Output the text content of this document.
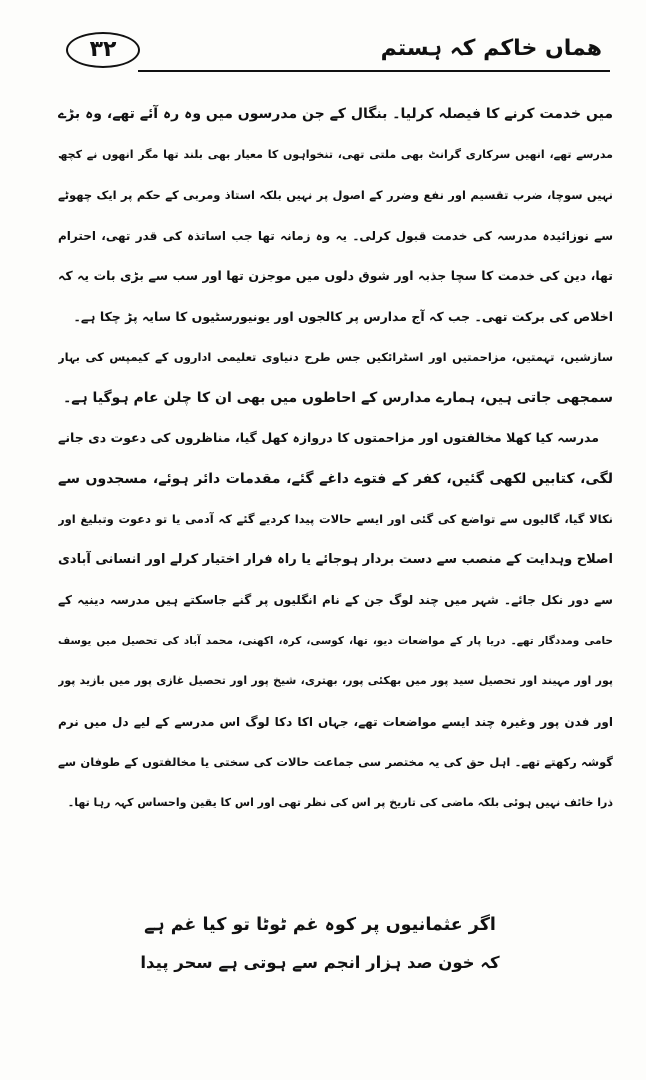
۳۲	ھماں خاکم کہ ہستم
میں خدمت کرنے کا فیصلہ کرلیا۔ بنگال کے جن مدرسوں میں وہ رہ آئے تھے، وہ بڑے
مدرسے تھے، انھیں سرکاری گرانٹ بھی ملتی تھی، تنخواہوں کا معیار بھی بلند تھا مگر انھوں نے کچھ
نہیں سوچا، ضرب تقسیم اور نفع وضرر کے اصول پر نہیں بلکہ استاذ ومربی کے حکم پر ایک چھوٹے
سے نوزائیدہ مدرسہ کی خدمت قبول کرلی۔ یہ وہ زمانہ تھا جب اساتذہ کی قدر تھی، احترام
تھا، دین کی خدمت کا سچا جذبہ اور شوق دلوں میں موجزن تھا اور سب سے بڑی بات یہ کہ
اخلاص کی برکت تھی۔ جب کہ آج مدارس پر کالجوں اور یونیورسٹیوں کا سایہ پڑ چکا ہے۔
سازشیں، تہمتیں، مزاحمتیں اور اسٹرائکیں جس طرح دنیاوی تعلیمی اداروں کے کیمپس کی بہار
سمجھی جاتی ہیں، ہمارے مدارس کے احاطوں میں بھی ان کا چلن عام ہوگیا ہے۔
مدرسہ کیا کھلا مخالفتوں اور مزاحمتوں کا دروازہ کھل گیا، مناظروں کی دعوت دی جانے
لگی، کتابیں لکھی گئیں، کفر کے فتوے داغے گئے، مقدمات دائر ہوئے، مسجدوں سے
نکالا گیا، گالیوں سے تواضع کی گئی اور ایسے حالات پیدا کردیے گئے کہ آدمی یا تو دعوت وتبلیغ اور
اصلاح وہدایت کے منصب سے دست بردار ہوجائے یا راہ فرار اختیار کرلے اور انسانی آبادی
سے دور نکل جائے۔ شہر میں چند لوگ جن کے نام انگلیوں پر گنے جاسکتے ہیں مدرسہ دینیہ کے
حامی ومددگار تھے۔ دریا پار کے مواضعات دیو، تھا، کوسی، کرہ، اکھنی، محمد آباد کی تحصیل میں یوسف
پور اور مہیند اور تحصیل سید پور میں بھکئی پور، بھتری، شیخ پور اور تحصیل غازی پور میں بازید پور
اور فدن پور وغیرہ چند ایسے مواضعات تھے، جہاں اکا دکا لوگ اس مدرسے کے لیے دل میں نرم
گوشہ رکھتے تھے۔ اہل حق کی یہ مختصر سی جماعت حالات کی سختی یا مخالفتوں کے طوفان سے
ذرا خائف نہیں ہوئی بلکہ ماضی کی تاریخ پر اس کی نظر تھی اور اس کا یقین واحساس کہہ رہا تھا۔
اگر عثمانیوں پر کوہ غم ٹوٹا تو کیا غم ہے
کہ خون صد ہزار انجم سے ہوتی ہے سحر پیدا
